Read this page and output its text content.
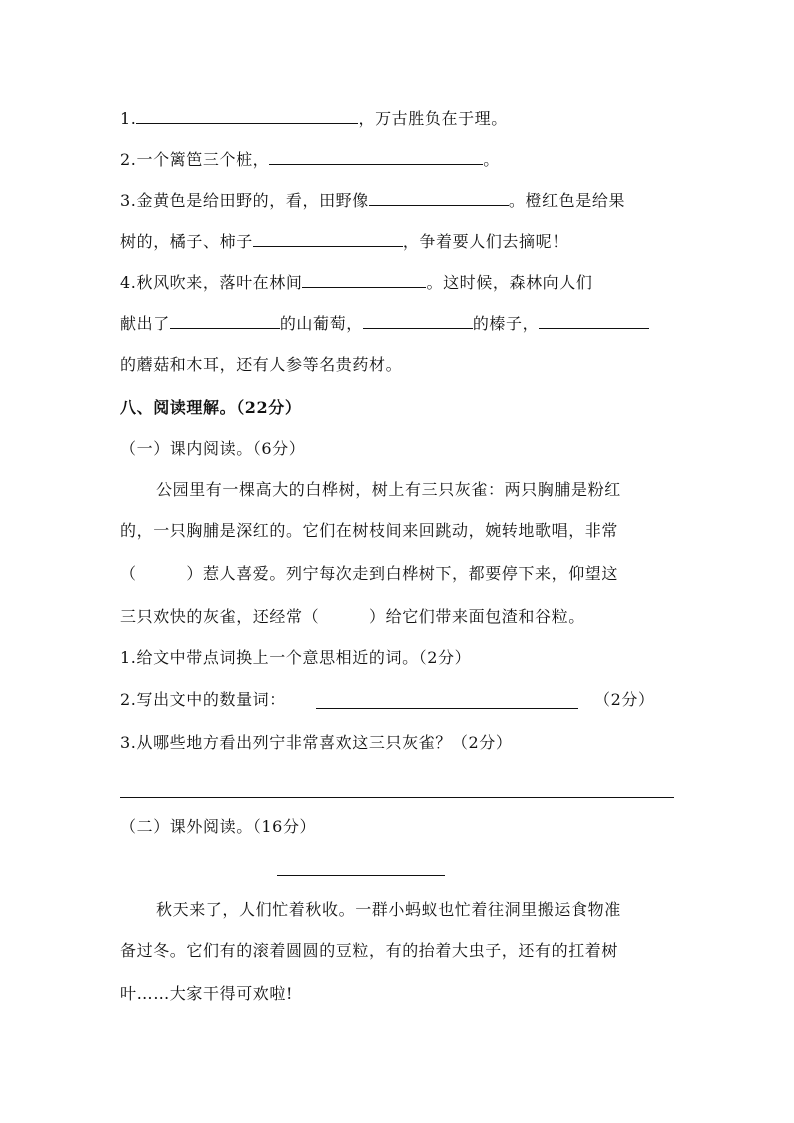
1.	，万古胜负在于理。
2.一个篱笆三个桩，	。
3.金黄色是给田野的，看，田野像	。橙红色是给果
树的，橘子、柿子	，争着要人们去摘呢！
4.秋风吹来，落叶在林间	。这时候，森林向人们
献出了	的山葡萄，	的榛子，
的蘑菇和木耳，还有人参等名贵药材。
八、阅读理解。（22分）
（一）课内阅读。（6分）
公园里有一棵高大的白桦树，树上有三只灰雀：两只胸脯是粉红
的，一只胸脯是深红的。它们在树枝间来回跳动，婉转地歌唱，非常
（　　　）惹人喜爱。列宁每次走到白桦树下，都要停下来，仰望这
三只欢快的灰雀，还经常（　　　）给它们带来面包渣和谷粒。
1.给文中带点词换上一个意思相近的词。（2分）
2.写出文中的数量词：	（2分）
3.从哪些地方看出列宁非常喜欢这三只灰雀？（2分）
（二）课外阅读。（16分）
秋天来了，人们忙着秋收。一群小蚂蚁也忙着往洞里搬运食物准
备过冬。它们有的滚着圆圆的豆粒，有的抬着大虫子，还有的扛着树
叶……大家干得可欢啦!
